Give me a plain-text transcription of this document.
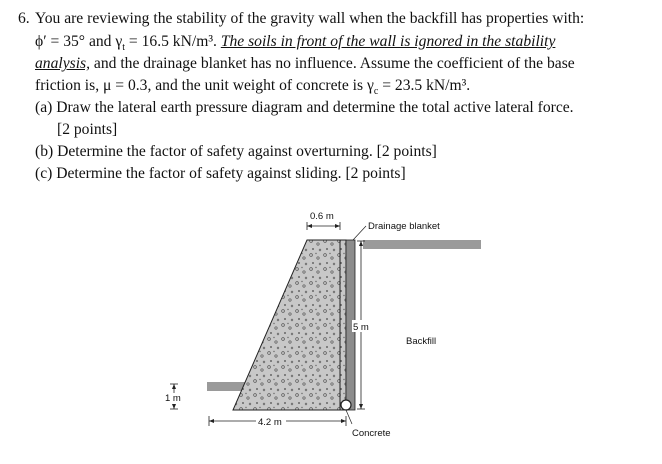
6. You are reviewing the stability of the gravity wall when the backfill has properties with:
ϕ′ = 35° and $\gamma_t = 16.5$ kN/m³. The soils in front of the wall is ignored in the stability
analysis, and the drainage blanket has no influence. Assume the coefficient of the base
friction is, μ = 0.3, and the unit weight of concrete is $\gamma_c = 23.5$ kN/m³.
(a) Draw the lateral earth pressure diagram and determine the total active lateral force.
[2 points]
(b) Determine the factor of safety against overturning. [2 points]
(c) Determine the factor of safety against sliding. [2 points]
0.6 m
Drainage blanket
5 m
Backfill
1 m
4.2 m
Concrete
